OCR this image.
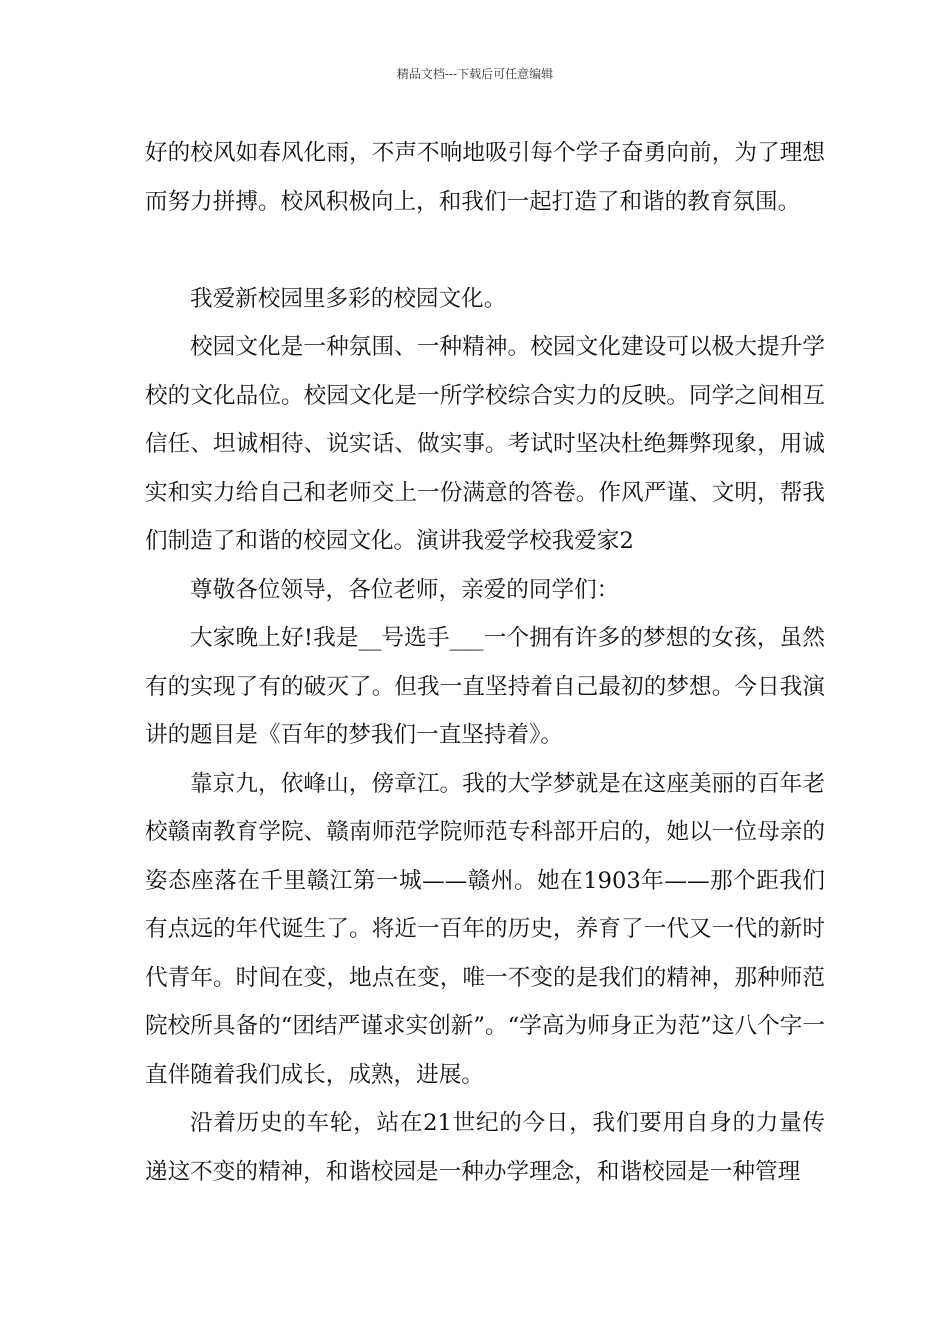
精品文档---下载后可任意编辑

好的校风如春风化雨，不声不响地吸引每个学子奋勇向前，为了理想而努力拼搏。校风积极向上，和我们一起打造了和谐的教育氛围。

我爱新校园里多彩的校园文化。

校园文化是一种氛围、一种精神。校园文化建设可以极大提升学校的文化品位。校园文化是一所学校综合实力的反映。同学之间相互信任、坦诚相待、说实话、做实事。考试时坚决杜绝舞弊现象，用诚实和实力给自己和老师交上一份满意的答卷。作风严谨、文明，帮我们制造了和谐的校园文化。演讲我爱学校我爱家2

尊敬各位领导，各位老师，亲爱的同学们：

大家晚上好!我是__号选手___一个拥有许多的梦想的女孩，虽然有的实现了有的破灭了。但我一直坚持着自己最初的梦想。今日我演讲的题目是《百年的梦我们一直坚持着》。

靠京九，依峰山，傍章江。我的大学梦就是在这座美丽的百年老校赣南教育学院、赣南师范学院师范专科部开启的，她以一位母亲的姿态座落在千里赣江第一城——赣州。她在1903年——那个距我们有点远的年代诞生了。将近一百年的历史，养育了一代又一代的新时代青年。时间在变，地点在变，唯一不变的是我们的精神，那种师范院校所具备的“团结严谨求实创新”。“学高为师身正为范”这八个字一直伴随着我们成长，成熟，进展。

沿着历史的车轮，站在21世纪的今日，我们要用自身的力量传递这不变的精神，和谐校园是一种办学理念，和谐校园是一种管理
